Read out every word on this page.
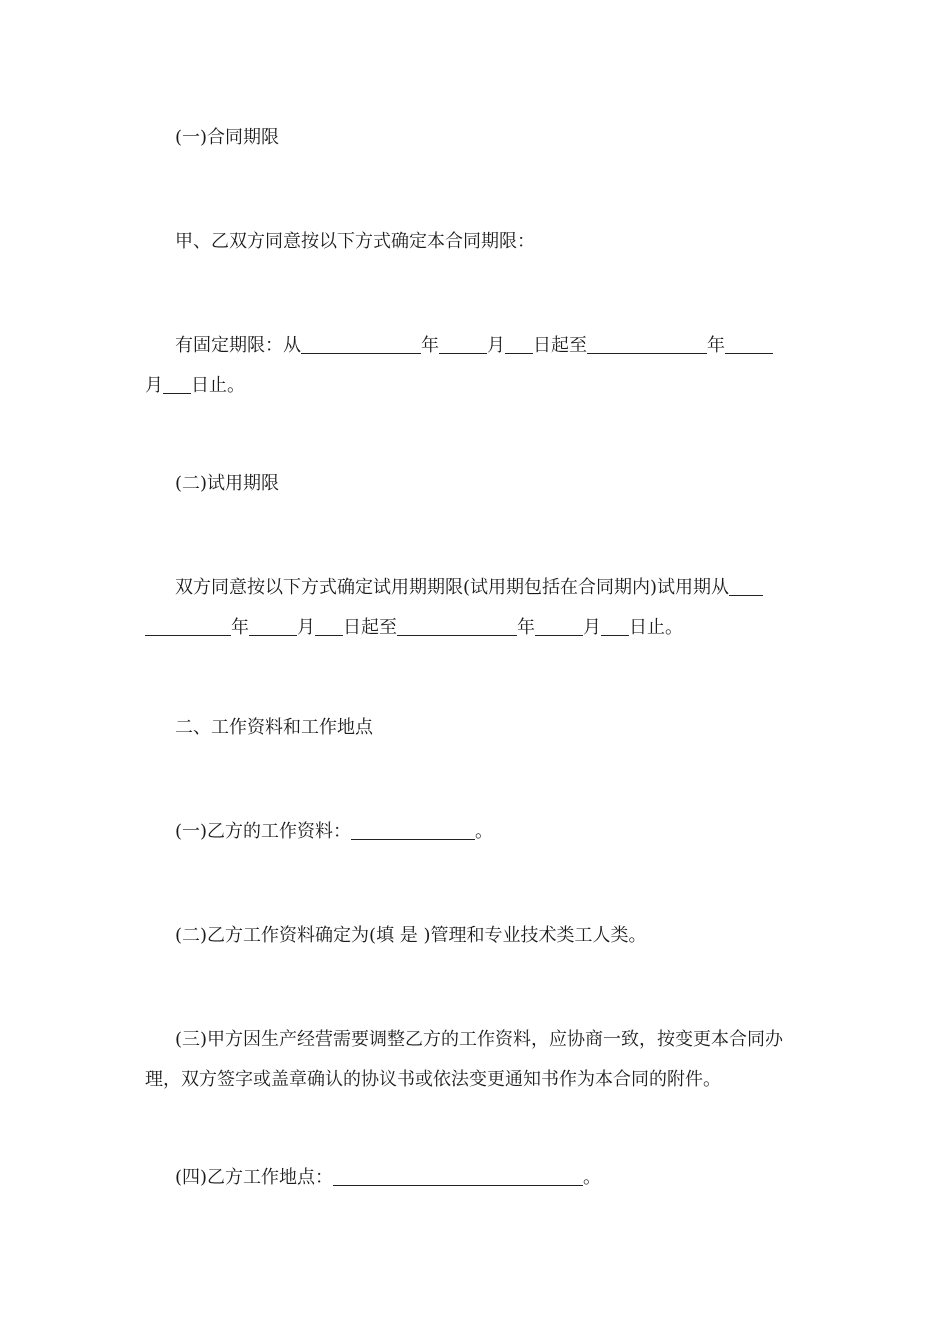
(一)合同期限

甲、乙双方同意按以下方式确定本合同期限：

有固定期限：从	年	月 日起至	年
月 日止。

(二)试用期限

双方同意按以下方式确定试用期期限(试用期包括在合同期内)试用期从
年	月 日起至	年	月 日止。

二、工作资料和工作地点

(一)乙方的工作资料：	。

(二)乙方工作资料确定为(填 是 )管理和专业技术类工人类。

(三)甲方因生产经营需要调整乙方的工作资料，应协商一致，按变更本合同办理，双方签字或盖章确认的协议书或依法变更通知书作为本合同的附件。

(四)乙方工作地点：	。
